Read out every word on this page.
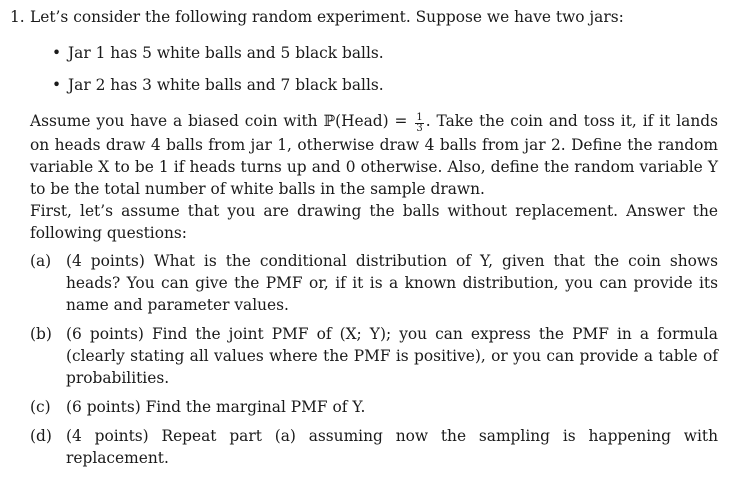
1. Let’s consider the following random experiment. Suppose we have two jars:

• Jar 1 has 5 white balls and 5 black balls.
• Jar 2 has 3 white balls and 7 black balls.

Assume you have a biased coin with ℙ(Head) = $\frac{1}{3}$ . Take the coin and toss it, if it lands on heads draw 4 balls from jar 1, otherwise draw 4 balls from jar 2. Define the random variable X to be 1 if heads turns up and 0 otherwise. Also, define the random variable Y to be the total number of white balls in the sample drawn.

First, let’s assume that you are drawing the balls without replacement. Answer the following questions:

(a) (4 points) What is the conditional distribution of Y, given that the coin shows heads? You can give the PMF or, if it is a known distribution, you can provide its name and parameter values.
(b) (6 points) Find the joint PMF of (X; Y); you can express the PMF in a formula (clearly stating all values where the PMF is positive), or you can provide a table of probabilities.
(c) (6 points) Find the marginal PMF of Y.
(d) (4 points) Repeat part (a) assuming now the sampling is happening with replacement.
